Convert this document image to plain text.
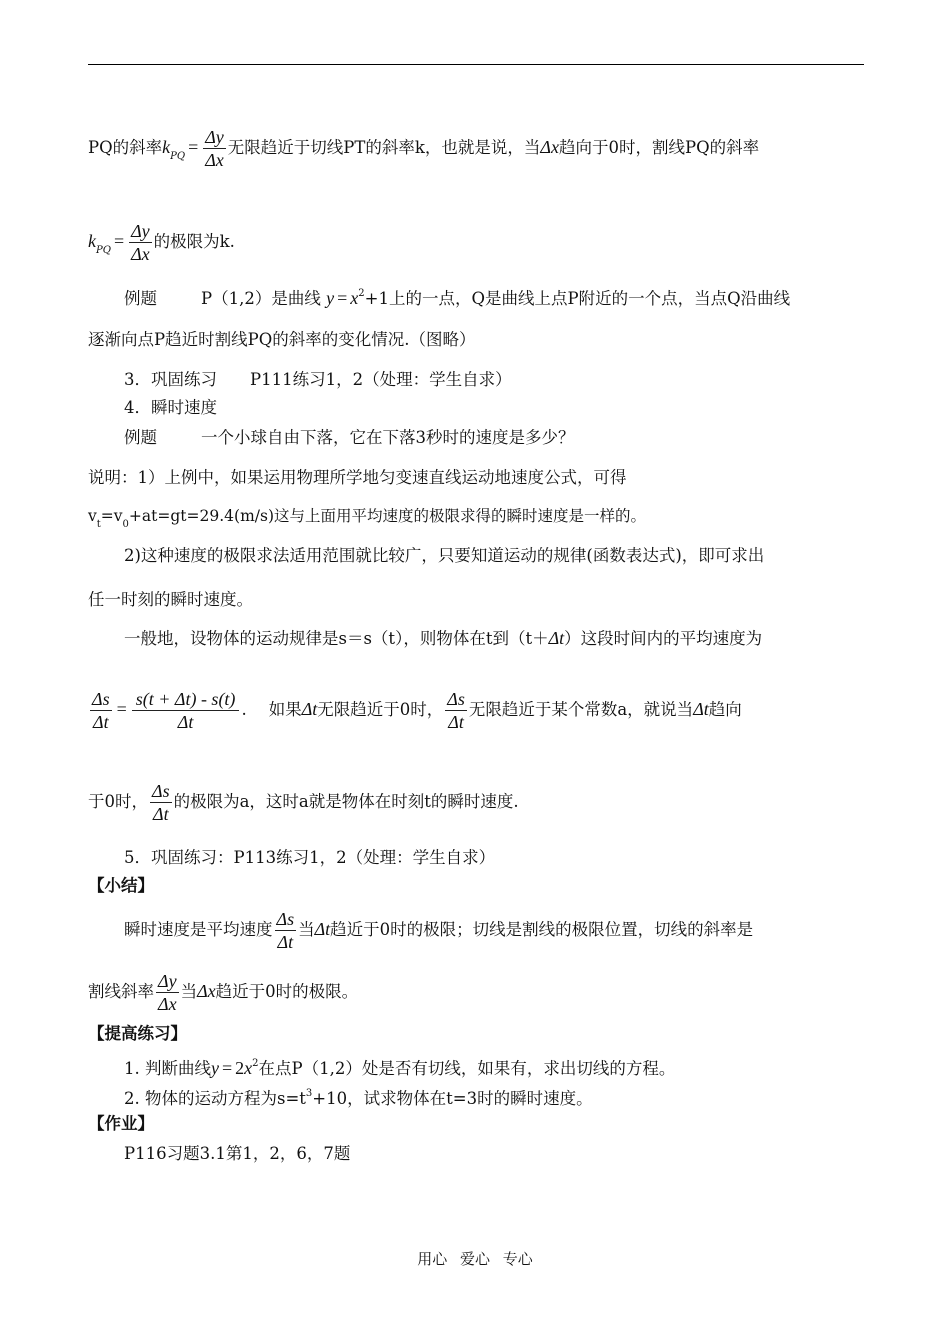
PQ的斜率$k_{PQ} = \frac{\Delta y}{\Delta x}$ 无限趋近于切线PT的斜率k，也就是说，当Δx趋向于0时，割线PQ的斜率
$k_{PQ} = \frac{\Delta y}{\Delta x}$ 的极限为k.
例题	P（1,2）是曲线 $y = x^2+1$上的一点，Q是曲线上点P附近的一个点，当点Q沿曲线
逐渐向点P趋近时割线PQ的斜率的变化情况.（图略）
3．巩固练习　　P111练习1，2（处理：学生自求）
4．瞬时速度
例题	一个小球自由下落，它在下落3秒时的速度是多少？
说明：1）上例中，如果运用物理所学地匀变速直线运动地速度公式，可得
$v_t=v_0+at=gt=29.4(m/s)$这与上面用平均速度的极限求得的瞬时速度是一样的。
2)这种速度的极限求法适用范围就比较广，只要知道运动的规律(函数表达式)，即可求出
任一时刻的瞬时速度。
一般地，设物体的运动规律是s＝s（t），则物体在t到（t＋Δt）这段时间内的平均速度为
$\frac{\Delta s}{\Delta t} = \frac{s(t + \Delta t) - s(t)}{\Delta t}$ . 如果Δt无限趋近于0时， $\frac{\Delta s}{\Delta t}$ 无限趋近于某个常数a，就说当Δt趋向
于0时， $\frac{\Delta s}{\Delta t}$ 的极限为a，这时a就是物体在时刻t的瞬时速度.
5．巩固练习：P113练习1，2（处理：学生自求）
【小结】
瞬时速度是平均速度 $\frac{\Delta s}{\Delta t}$ 当Δt趋近于0时的极限；切线是割线的极限位置，切线的斜率是
割线斜率 $\frac{\Delta y}{\Delta x}$ 当Δx趋近于0时的极限。
【提高练习】
1. 判断曲线$y = 2x^2$在点P（1,2）处是否有切线，如果有，求出切线的方程。
2. 物体的运动方程为$s=t^3+10$，试求物体在t=3时的瞬时速度。
【作业】
P116习题3.1第1，2，6，7题
用心 爱心 专心
